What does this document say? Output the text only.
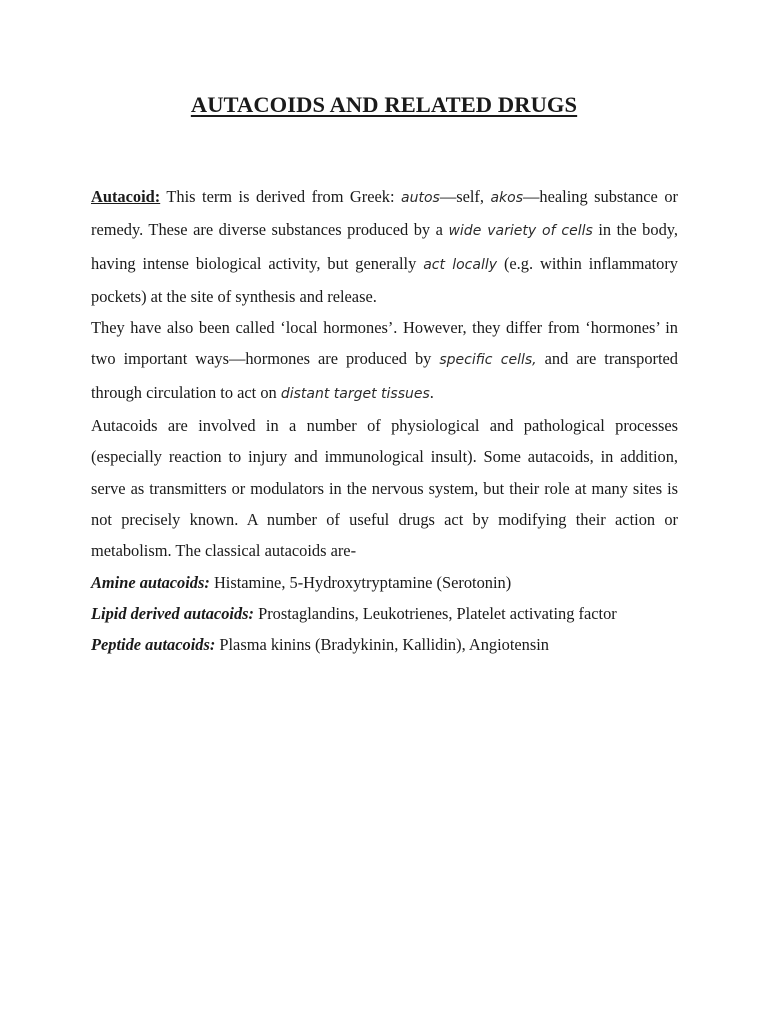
AUTACOIDS AND RELATED DRUGS

Autacoid: This term is derived from Greek: autos—self, akos—healing substance or remedy. These are diverse substances produced by a wide variety of cells in the body, having intense biological activity, but generally act locally (e.g. within inflammatory pockets) at the site of synthesis and release.

They have also been called ‘local hormones’. However, they differ from ‘hormones’ in two important ways—hormones are produced by specific cells, and are transported through circulation to act on distant target tissues.

Autacoids are involved in a number of physiological and pathological processes (especially reaction to injury and immunological insult). Some autacoids, in addition, serve as transmitters or modulators in the nervous system, but their role at many sites is not precisely known. A number of useful drugs act by modifying their action or metabolism. The classical autacoids are-

Amine autacoids: Histamine, 5-Hydroxytryptamine (Serotonin)

Lipid derived autacoids: Prostaglandins, Leukotrienes, Platelet activating factor

Peptide autacoids: Plasma kinins (Bradykinin, Kallidin), Angiotensin
